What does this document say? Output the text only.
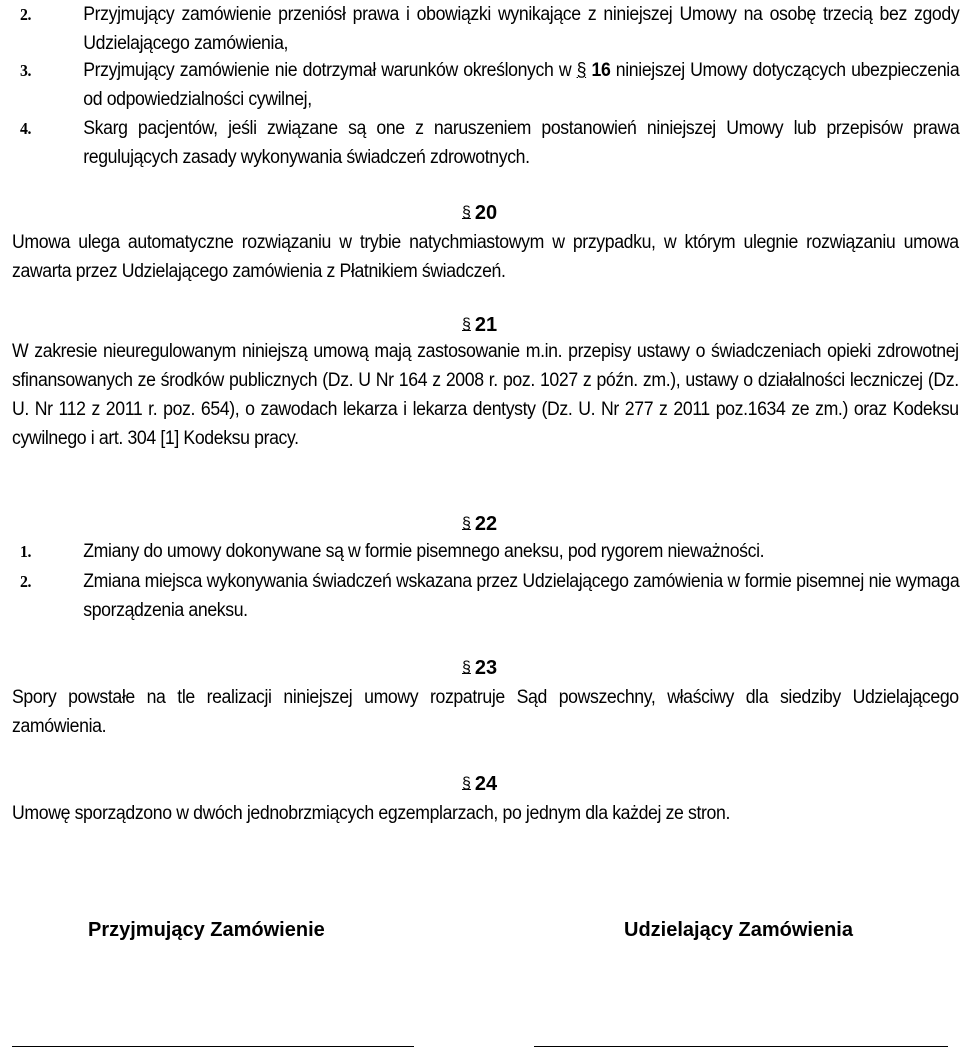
2.	Przyjmujący zamówienie przeniósł prawa i obowiązki wynikające z niniejszej Umowy na osobę trzecią bez zgody Udzielającego zamówienia,
3.	Przyjmujący zamówienie nie dotrzymał warunków określonych w § 16 niniejszej Umowy dotyczących ubezpieczenia od odpowiedzialności cywilnej,
4.	Skarg pacjentów, jeśli związane są one z naruszeniem postanowień niniejszej Umowy lub przepisów prawa regulujących zasady wykonywania świadczeń zdrowotnych.
§ 20
Umowa ulega automatyczne rozwiązaniu w trybie natychmiastowym w przypadku, w którym ulegnie rozwiązaniu umowa zawarta przez Udzielającego zamówienia z Płatnikiem świadczeń.
§ 21
W zakresie nieuregulowanym niniejszą umową mają zastosowanie m.in. przepisy ustawy o świadczeniach opieki zdrowotnej sfinansowanych ze środków publicznych (Dz. U Nr 164 z 2008 r. poz. 1027 z późn. zm.), ustawy o działalności leczniczej (Dz. U. Nr 112 z 2011 r. poz. 654), o zawodach lekarza i lekarza dentysty (Dz. U. Nr 277 z 2011 poz.1634 ze zm.) oraz Kodeksu cywilnego i art. 304 [1] Kodeksu pracy.
§ 22
1.	Zmiany do umowy dokonywane są w formie pisemnego aneksu, pod rygorem nieważności.
2.	Zmiana miejsca wykonywania świadczeń wskazana przez Udzielającego zamówienia w formie pisemnej nie wymaga sporządzenia aneksu.
§ 23
Spory powstałe na tle realizacji niniejszej umowy rozpatruje Sąd powszechny, właściwy dla siedziby Udzielającego zamówienia.
§ 24
Umowę sporządzono w dwóch jednobrzmiących egzemplarzach, po jednym dla każdej ze stron.
Przyjmujący Zamówienie	Udzielający Zamówienia
